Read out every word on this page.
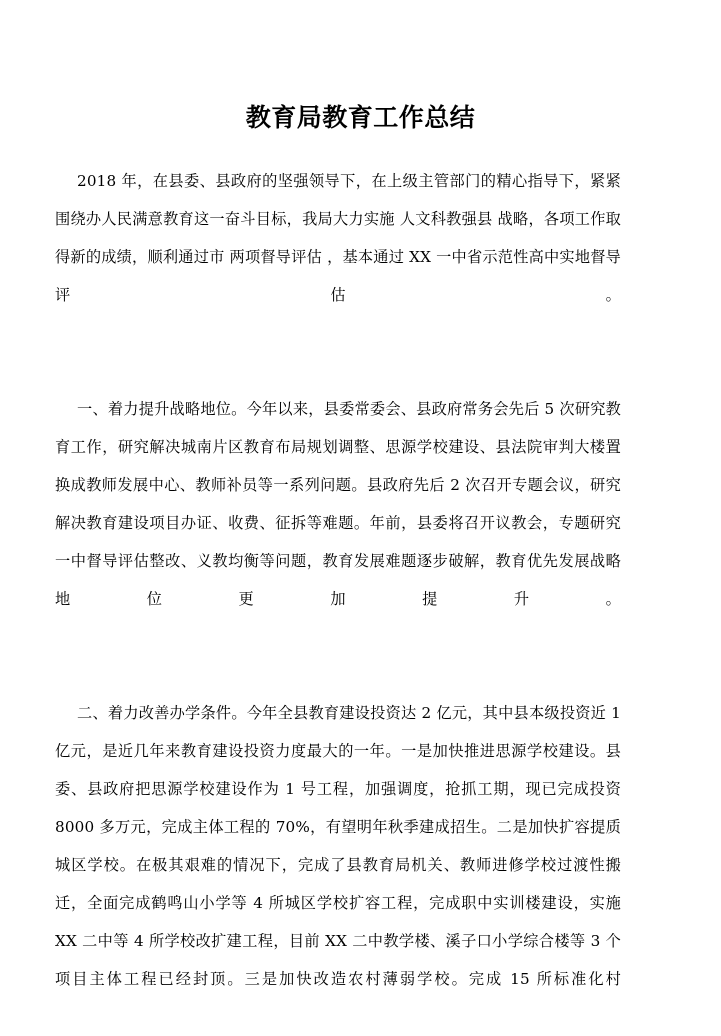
教育局教育工作总结

2018 年，在县委、县政府的坚强领导下，在上级主管部门的精心指导下，紧紧围绕办人民满意教育这一奋斗目标，我局大力实施 人文科教强县 战略，各项工作取得新的成绩，顺利通过市 两项督导评估 ，基本通过 XX 一中省示范性高中实地督导评估。

一、着力提升战略地位。今年以来，县委常委会、县政府常务会先后 5 次研究教育工作，研究解决城南片区教育布局规划调整、思源学校建设、县法院审判大楼置换成教师发展中心、教师补员等一系列问题。县政府先后 2 次召开专题会议，研究解决教育建设项目办证、收费、征拆等难题。年前，县委将召开议教会，专题研究一中督导评估整改、义教均衡等问题，教育发展难题逐步破解，教育优先发展战略地位更加提升。

二、着力改善办学条件。今年全县教育建设投资达 2 亿元，其中县本级投资近 1 亿元，是近几年来教育建设投资力度最大的一年。一是加快推进思源学校建设。县委、县政府把思源学校建设作为 1 号工程，加强调度，抢抓工期，现已完成投资 8000 多万元，完成主体工程的 70%，有望明年秋季建成招生。二是加快扩容提质城区学校。在极其艰难的情况下，完成了县教育局机关、教师进修学校过渡性搬迁，全面完成鹤鸣山小学等 4 所城区学校扩容工程，完成职中实训楼建设，实施 XX 二中等 4 所学校改扩建工程，目前 XX 二中教学楼、溪子口小学综合楼等 3 个项目主体工程已经封顶。三是加快改造农村薄弱学校。完成 15 所标准化村
